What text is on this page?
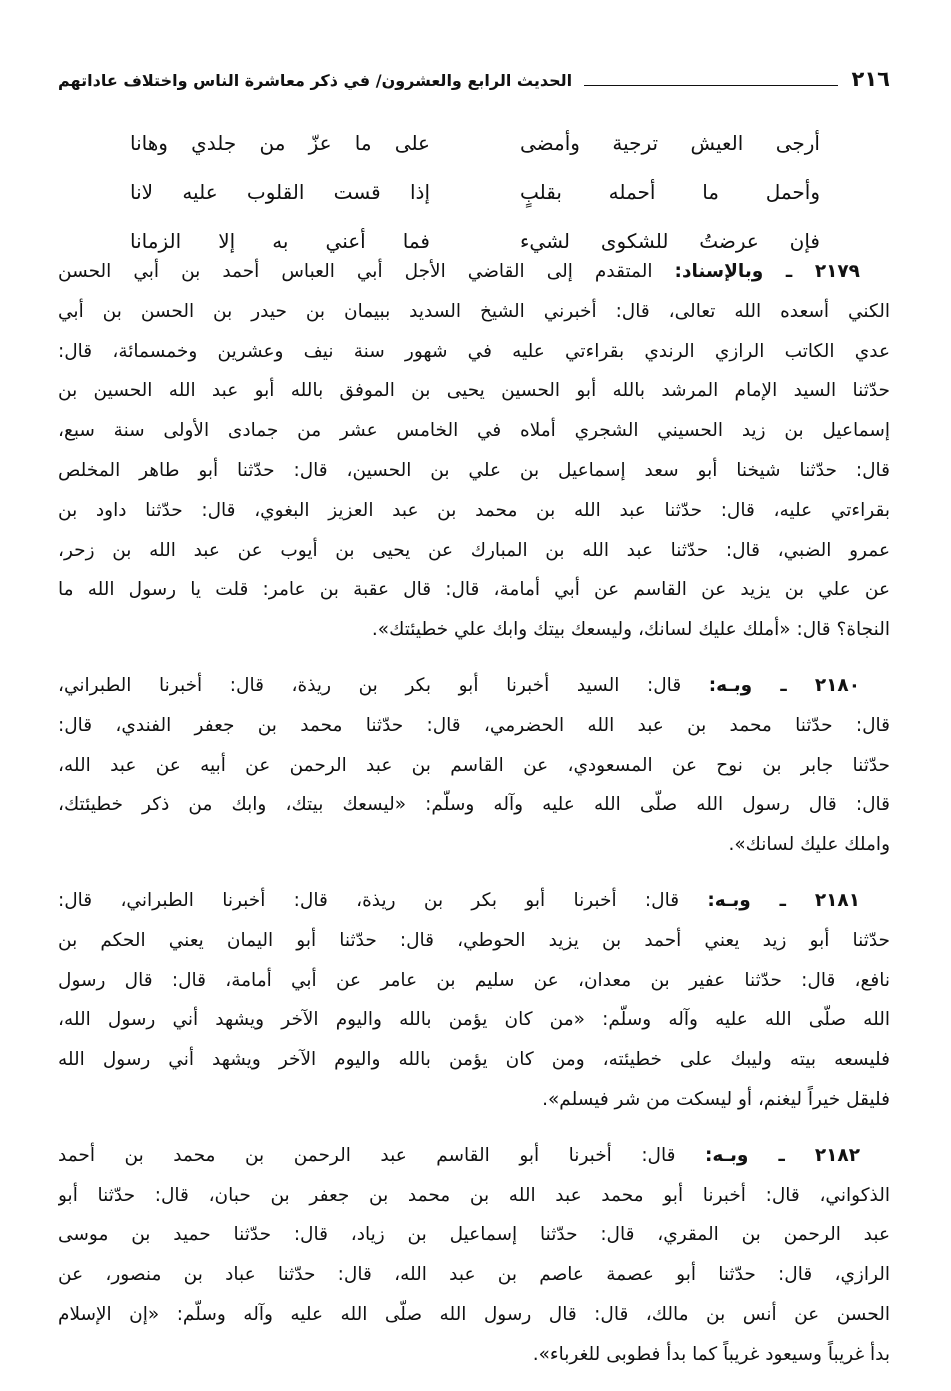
٢١٦
الحديث الرابع والعشرون/ في ذكر معاشرة الناس واختلاف عاداتهم
أرجى العيش ترجية وأمضى
على ما عزّ من جلدي وهانا
وأحمل ما أحمله بقلبٍ
إذا قست القلوب عليه لانا
فإن عرضتُ للشكوى لشيء
فما أعني به إلا الزمانا
٢١٧٩ ـ وبالإسناد: المتقدم إلى القاضي الأجل أبي العباس أحمد بن أبي الحسن
الكني أسعده الله تعالى، قال: أخبرني الشيخ السديد ببيمان بن حيدر بن الحسن بن أبي
عدي الكاتب الرازي الرندي بقراءتي عليه في شهور سنة نيف وعشرين وخمسمائة، قال:
حدّثنا السيد الإمام المرشد بالله أبو الحسين يحيى بن الموفق بالله أبو عبد الله الحسين بن
إسماعيل بن زيد الحسيني الشجري أملاه في الخامس عشر من جمادى الأولى سنة سبع،
قال: حدّثنا شيخنا أبو سعد إسماعيل بن علي بن الحسين، قال: حدّثنا أبو طاهر المخلص
بقراءتي عليه، قال: حدّثنا عبد الله بن محمد بن عبد العزيز البغوي، قال: حدّثنا داود بن
عمرو الضبي، قال: حدّثنا عبد الله بن المبارك عن يحيى بن أيوب عن عبد الله بن زحر،
عن علي بن يزيد عن القاسم عن أبي أمامة، قال: قال عقبة بن عامر: قلت يا رسول الله ما
النجاة؟ قال: «أملك عليك لسانك، وليسعك بيتك وابك علي خطيئتك».
٢١٨٠ ـ وبـه: قال: السيد أخبرنا أبو بكر بن ريذة، قال: أخبرنا الطبراني،
قال: حدّثنا محمد بن عبد الله الحضرمي، قال: حدّثنا محمد بن جعفر الفندي، قال:
حدّثنا جابر بن نوح عن المسعودي، عن القاسم بن عبد الرحمن عن أبيه عن عبد الله،
قال: قال رسول الله صلّى الله عليه وآله وسلّم: «ليسعك بيتك، وابك من ذكر خطيئتك،
واملك عليك لسانك».
٢١٨١ ـ وبـه: قال: أخبرنا أبو بكر بن ريذة، قال: أخبرنا الطبراني، قال:
حدّثنا أبو زيد يعني أحمد بن يزيد الحوطي، قال: حدّثنا أبو اليمان يعني الحكم بن
نافع، قال: حدّثنا عفير بن معدان، عن سليم بن عامر عن أبي أمامة، قال: قال رسول
الله صلّى الله عليه وآله وسلّم: «من كان يؤمن بالله واليوم الآخر ويشهد أني رسول الله،
فليسعه بيته وليبك على خطيئته، ومن كان يؤمن بالله واليوم الآخر ويشهد أني رسول الله
فليقل خيراً ليغنم، أو ليسكت من شر فيسلم».
٢١٨٢ ـ وبـه: قال: أخبرنا أبو القاسم عبد الرحمن بن محمد بن أحمد
الذكواني، قال: أخبرنا أبو محمد عبد الله بن محمد بن جعفر بن حبان، قال: حدّثنا أبو
عبد الرحمن بن المقري، قال: حدّثنا إسماعيل بن زياد، قال: حدّثنا حميد بن موسى
الرازي، قال: حدّثنا أبو عصمة عاصم بن عبد الله، قال: حدّثنا عباد بن منصور، عن
الحسن عن أنس بن مالك، قال: قال رسول الله صلّى الله عليه وآله وسلّم: «إن الإسلام
بدأ غريباً وسيعود غريباً كما بدأ فطوبى للغرباء».
